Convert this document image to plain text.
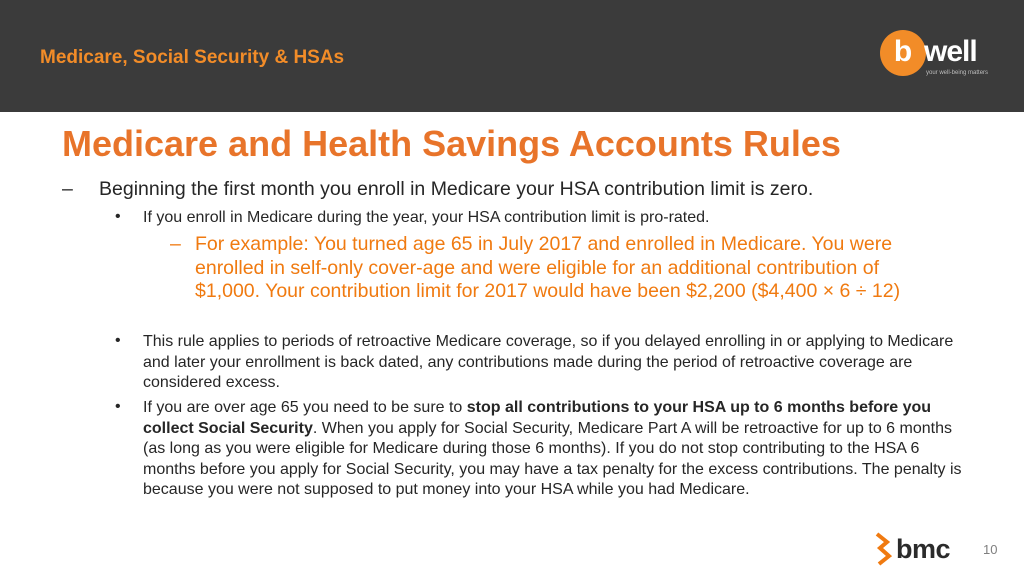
Medicare, Social Security & HSAs	b well
your well-being matters
Medicare and Health Savings Accounts Rules
– Beginning the first month you enroll in Medicare your HSA contribution limit is zero.
• If you enroll in Medicare during the year, your HSA contribution limit is pro-rated.
– For example: You turned age 65 in July 2017 and enrolled in Medicare. You were enrolled in self-only cover-age and were eligible for an additional contribution of $1,000. Your contribution limit for 2017 would have been $2,200 ($4,400 × 6 ÷ 12)
• This rule applies to periods of retroactive Medicare coverage, so if you delayed enrolling in or applying to Medicare and later your enrollment is back dated, any contributions made during the period of retroactive coverage are considered excess.
• If you are over age 65 you need to be sure to stop all contributions to your HSA up to 6 months before you collect Social Security. When you apply for Social Security, Medicare Part A will be retroactive for up to 6 months (as long as you were eligible for Medicare during those 6 months). If you do not stop contributing to the HSA 6 months before you apply for Social Security, you may have a tax penalty for the excess contributions. The penalty is because you were not supposed to put money into your HSA while you had Medicare.
bmc	10
